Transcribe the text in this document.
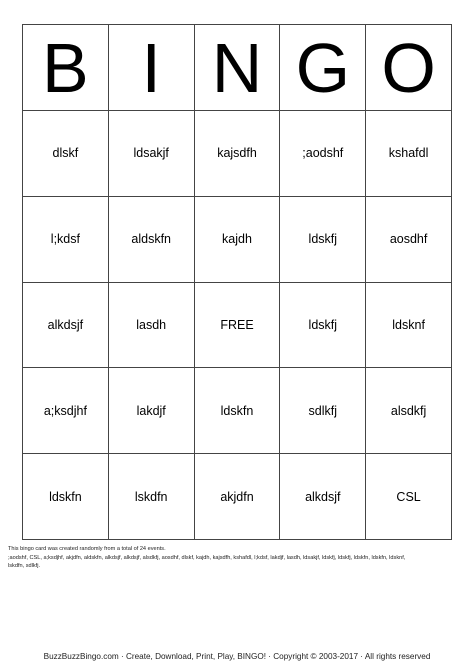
B I N G O
dlskf	ldsakjf	kajsdfh	;aodshf	kshafdl
l;kdsf	aldskfn	kajdh	ldskfj	aosdhf
alkdsjf	lasdh	FREE	ldskfj	ldsknf
a;ksdjhf	lakdjf	ldskfn	sdlkfj	alsdkfj
ldskfn	lskdfn	akjdfn	alkdsjf	CSL
This bingo card was created randomly from a total of 24 events.
;aodshf, CSL, a;ksdjhf, akjdfn, aldskfn, alkdsjf, alkdsjf, alsdkfj, aosdhf, dlskf, kajdh, kajsdfh, kshafdl, l;kdsf, lakdjf, lasdh, ldsakjf, ldskfj, ldskfj, ldskfn, ldskfn, ldsknf,
lskdfn, sdlkfj.
BuzzBuzzBingo.com · Create, Download, Print, Play, BINGO! · Copyright © 2003-2017 · All rights reserved
